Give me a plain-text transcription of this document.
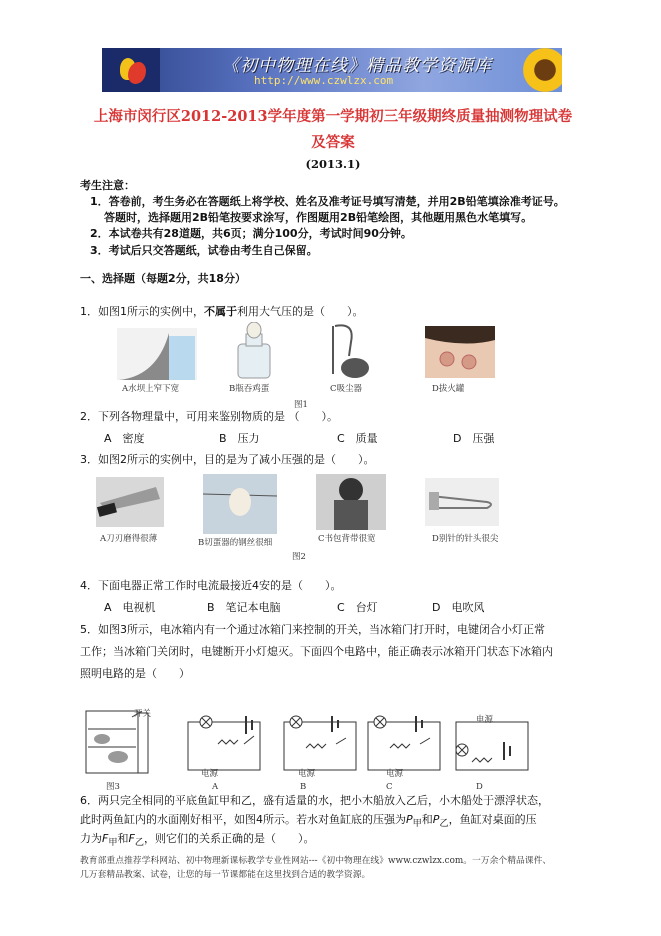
《初中物理在线》精品教学资源库
http://www.czwlzx.com
上海市闵行区2012-2013学年度第一学期初三年级期终质量抽测物理试卷
及答案
(2013.1)
考生注意：
1．答卷前，考生务必在答题纸上将学校、姓名及准考证号填写清楚，并用2B铅笔填涂准考证号。
答题时，选择题用2B铅笔按要求涂写，作图题用2B铅笔绘图，其他题用黑色水笔填写。
2．本试卷共有28道题，共6页；满分100分，考试时间90分钟。
3．考试后只交答题纸，试卷由考生自己保留。
一、选择题（每题2分，共18分）
1．如图1所示的实例中，不属于利用大气压的是（　　）。
A水坝上窄下宽	B瓶吞鸡蛋	C吸尘器	D拔火罐
图1
2．下列各物理量中，可用来鉴别物质的是 （　　）。
A　密度	B　压力	C　质量	D　压强
3．如图2所示的实例中，目的是为了减小压强的是（　　）。
A刀刃磨得很薄	B切蛋器的钢丝很细	C书包背带很宽	D别针的针头很尖
图2
4．下面电器正常工作时电流最接近4安的是（　　）。
A　电视机	B　笔记本电脑	C　台灯	D　电吹风
5．如图3所示，电冰箱内有一个通过冰箱门来控制的开关，当冰箱门打开时，电键闭合小灯正常
工作；当冰箱门关闭时，电键断开小灯熄灭。下面四个电路中，能正确表示冰箱开门状态下冰箱内
照明电路的是（　　）
开关
图3
电源	电源	电源
电源
A	B	C	D
6．两只完全相同的平底鱼缸甲和乙，盛有适量的水，把小木船放入乙后，小木船处于漂浮状态，
此时两鱼缸内的水面刚好相平，如图4所示。若水对鱼缸底的压强为$P_甲$和$P_乙$，鱼缸对桌面的压
力为$F_甲$和$F_乙$，则它们的关系正确的是（　　）。
教育部重点推荐学科网站、初中物理新课标教学专业性网站---《初中物理在线》www.czwlzx.com。一万余个精品课件、
几万套精品教案、试卷，让您的每一节课都能在这里找到合适的教学资源。
